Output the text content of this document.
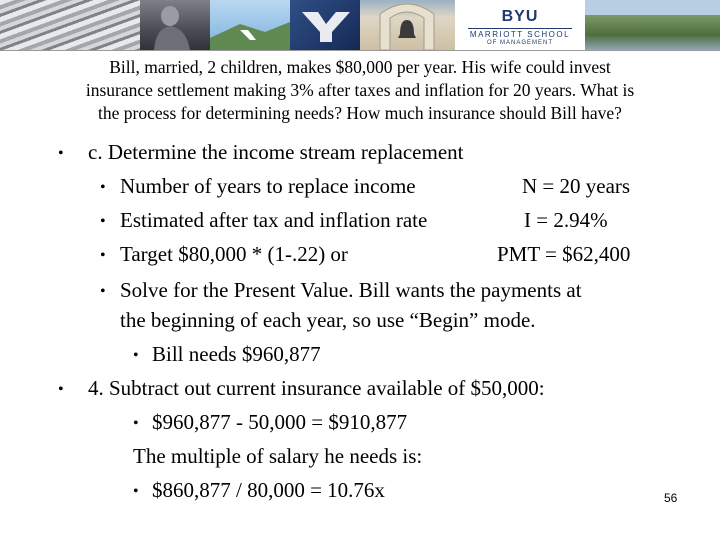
BYU
MARRIOTT SCHOOL
OF MANAGEMENT
Bill, married, 2 children, makes $80,000 per year. His wife could invest
insurance settlement making 3% after taxes and inflation for 20 years. What is
the process for determining needs? How much insurance should Bill have?
• c. Determine the income stream replacement
• Number of years to replace income	N = 20 years
• Estimated after tax and inflation rate	I = 2.94%
• Target $80,000 * (1-.22) or	PMT = $62,400
• Solve for the Present Value. Bill wants the payments at
the beginning of each year, so use “Begin” mode.
• Bill needs $960,877
• 4. Subtract out current insurance available of $50,000:
• $960,877 - 50,000 = $910,877
The multiple of salary he needs is:
• $860,877 / 80,000 = 10.76x	56
